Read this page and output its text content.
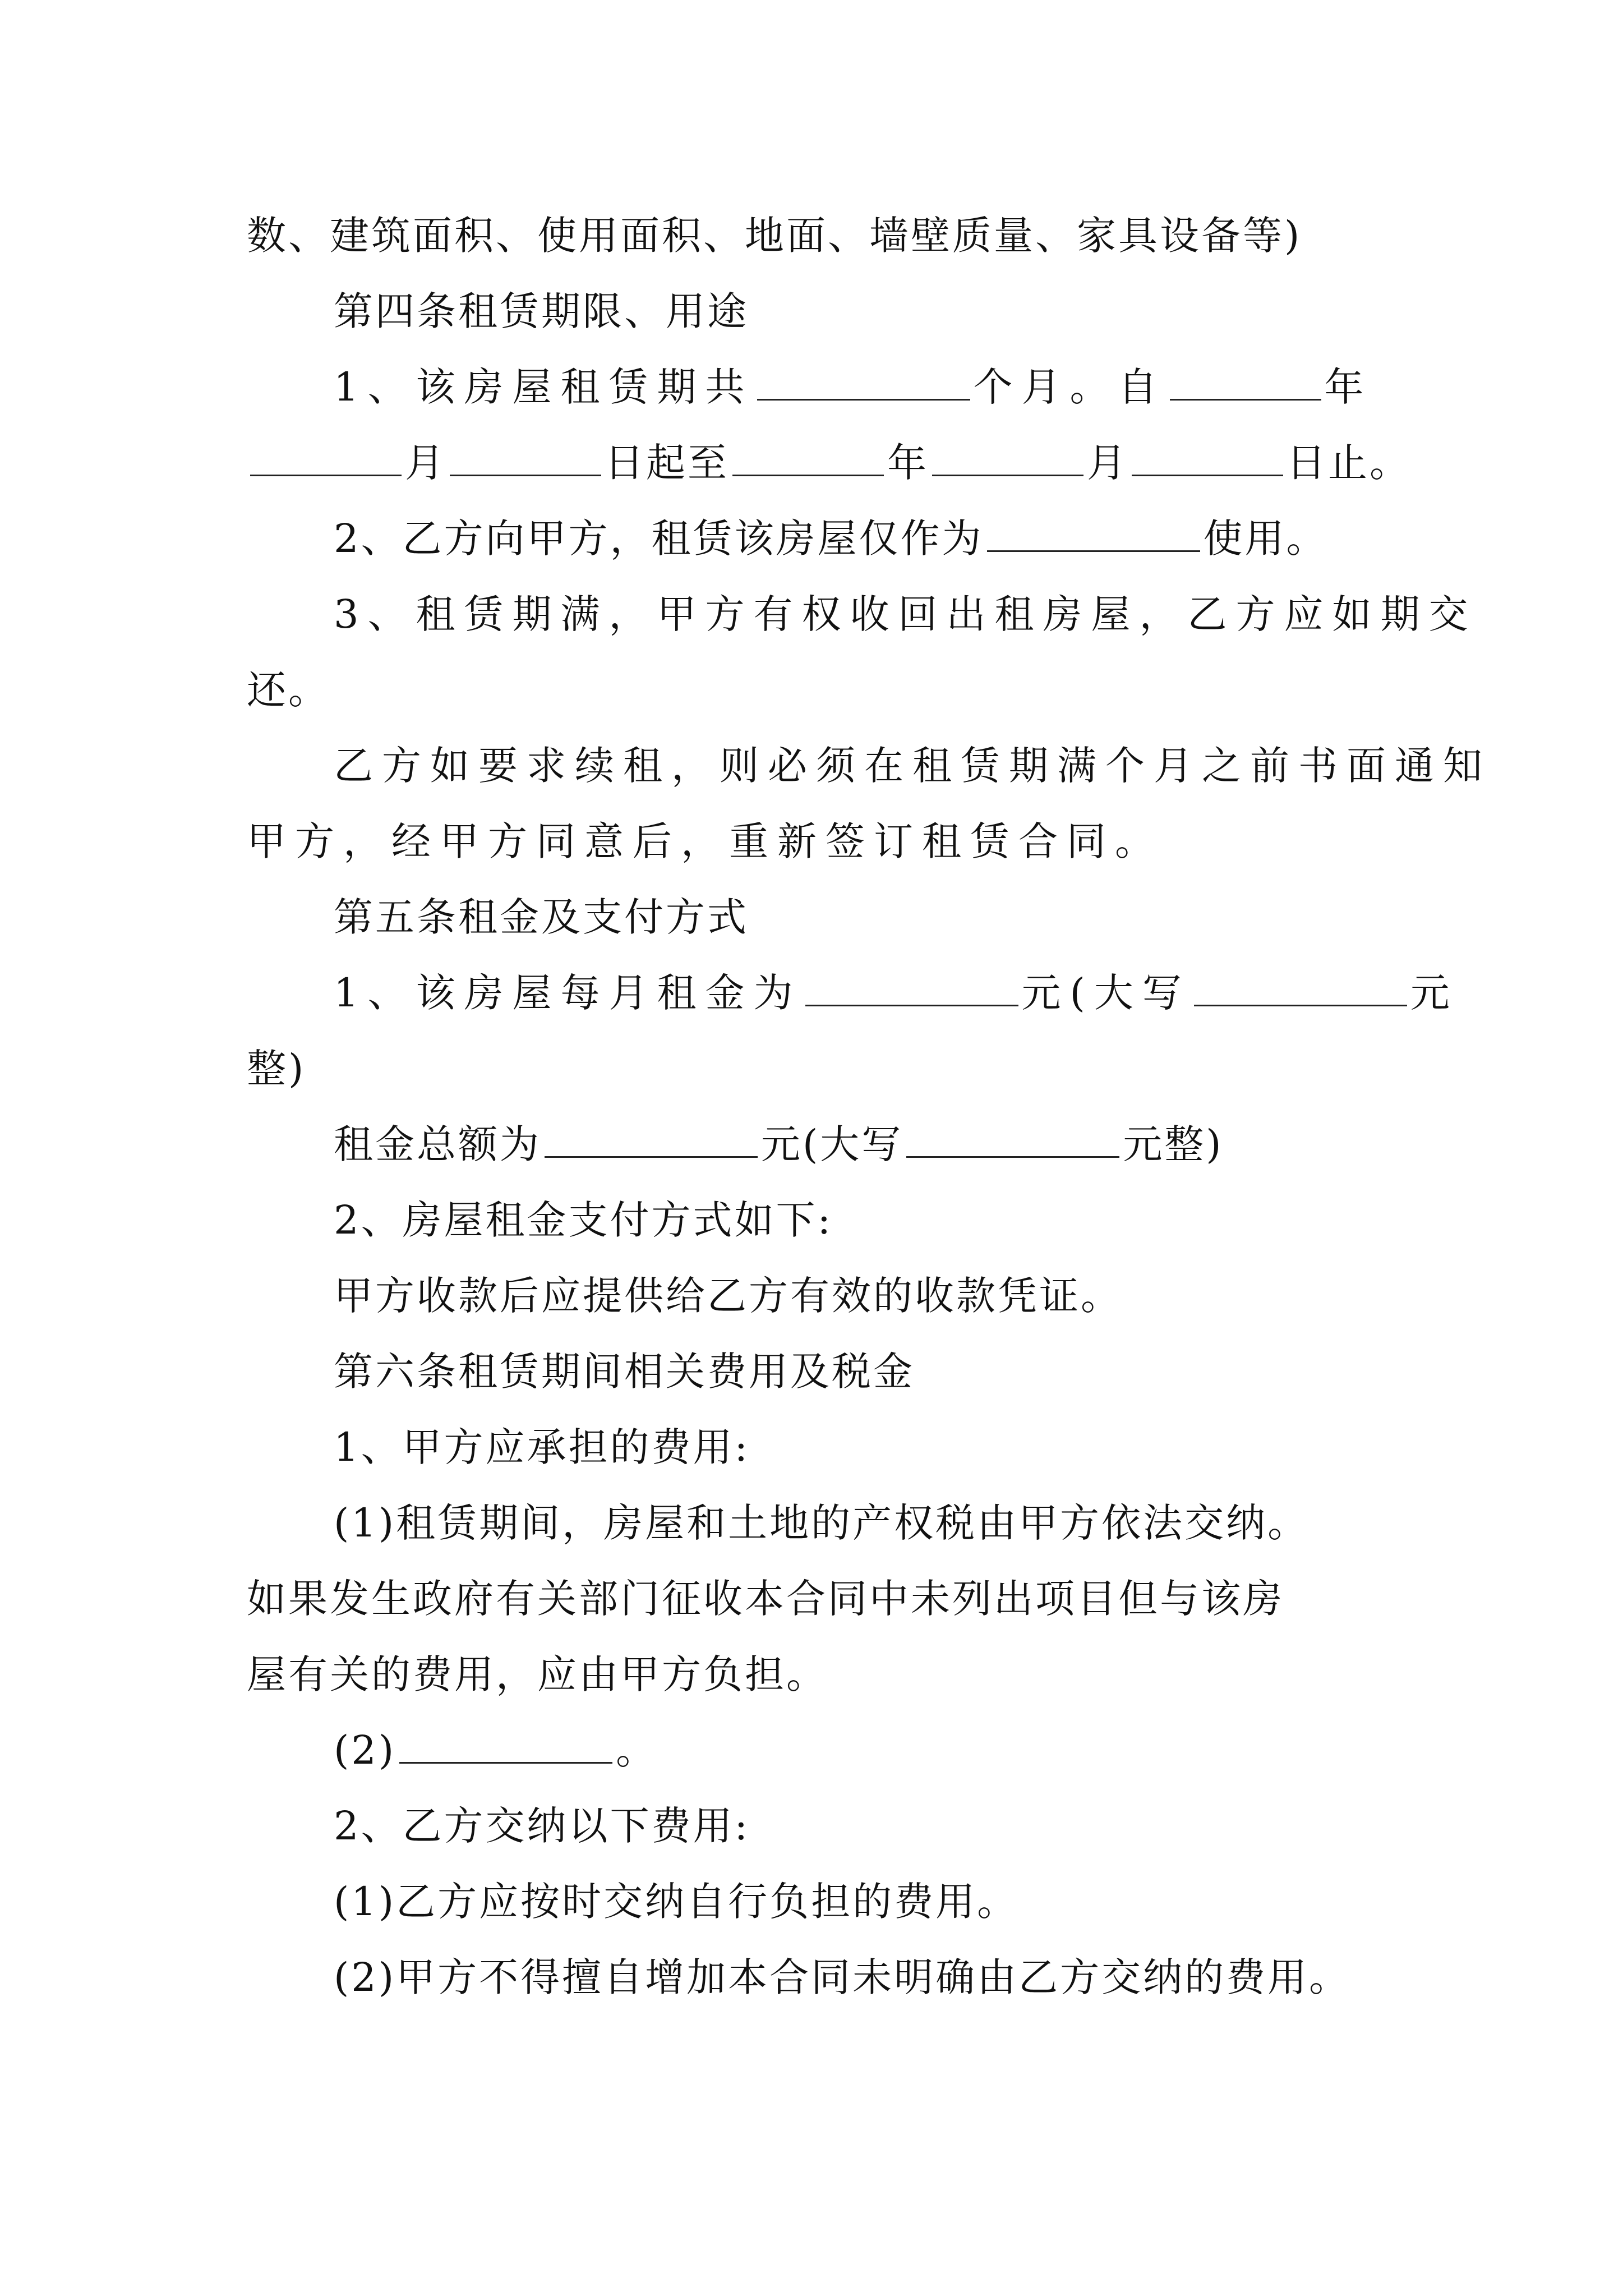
数、建筑面积、使用面积、地面、墙壁质量、家具设备等)
第四条租赁期限、用途
1、该房屋租赁期共	个月。自	年
月	日起至	年	月	日止。
2、乙方向甲方，租赁该房屋仅作为	使用。
3、租赁期满，甲方有权收回出租房屋，乙方应如期交
还。
乙方如要求续租，则必须在租赁期满个月之前书面通知
甲方，经甲方同意后，重新签订租赁合同。
第五条租金及支付方式
1、该房屋每月租金为	元(大写	元
整)
租金总额为	元(大写	元整)
2、房屋租金支付方式如下:
甲方收款后应提供给乙方有效的收款凭证。
第六条租赁期间相关费用及税金
1、甲方应承担的费用:
(1)租赁期间，房屋和土地的产权税由甲方依法交纳。
如果发生政府有关部门征收本合同中未列出项目但与该房
屋有关的费用，应由甲方负担。
(2)	。
2、乙方交纳以下费用:
(1)乙方应按时交纳自行负担的费用。
(2)甲方不得擅自增加本合同未明确由乙方交纳的费用。
